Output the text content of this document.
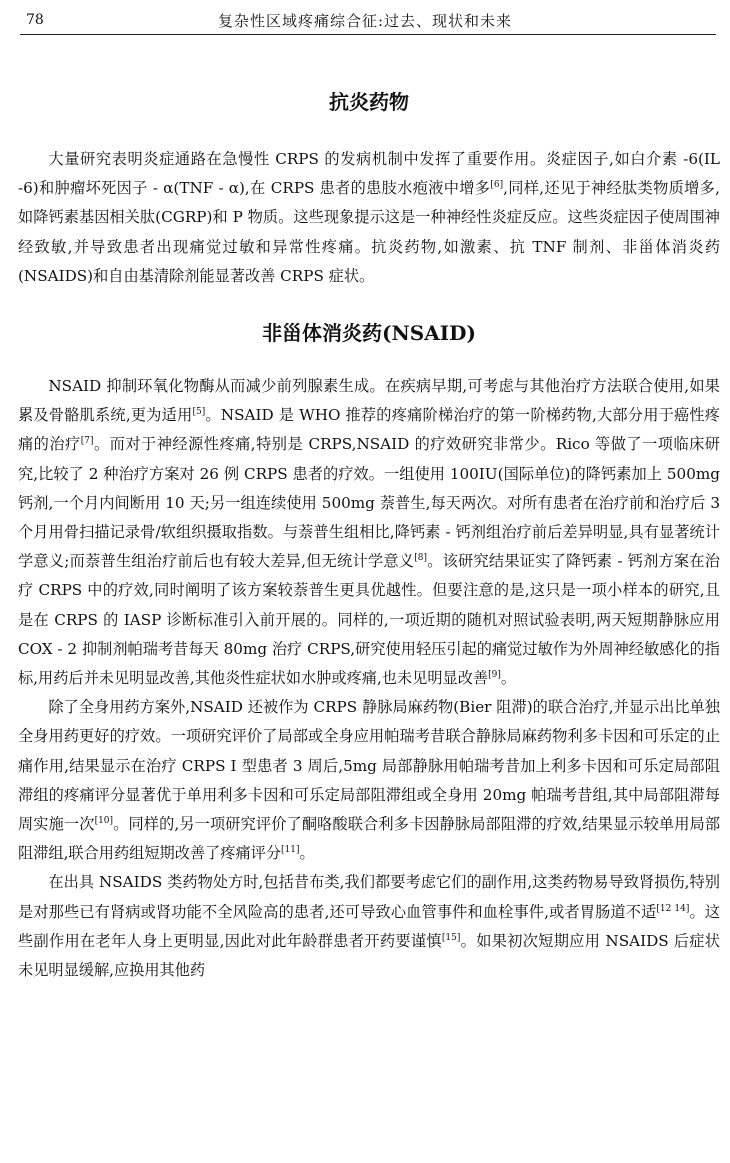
78	复杂性区域疼痛综合征:过去、现状和未来
抗炎药物

大量研究表明炎症通路在急慢性 CRPS 的发病机制中发挥了重要作用。炎症因子,如白介素 -6(IL -6)和肿瘤坏死因子 - α(TNF - α),在 CRPS 患者的患肢水疱液中增多[6],同样,还见于神经肽类物质增多,如降钙素基因相关肽(CGRP)和 P 物质。这些现象提示这是一种神经性炎症反应。这些炎症因子使周围神经致敏,并导致患者出现痛觉过敏和异常性疼痛。抗炎药物,如激素、抗 TNF 制剂、非甾体消炎药(NSAIDS)和自由基清除剂能显著改善 CRPS 症状。

非甾体消炎药(NSAID)

NSAID 抑制环氧化物酶从而减少前列腺素生成。在疾病早期,可考虑与其他治疗方法联合使用,如果累及骨骼肌系统,更为适用[5]。NSAID 是 WHO 推荐的疼痛阶梯治疗的第一阶梯药物,大部分用于癌性疼痛的治疗[7]。而对于神经源性疼痛,特别是 CRPS,NSAID 的疗效研究非常少。Rico 等做了一项临床研究,比较了 2 种治疗方案对 26 例 CRPS 患者的疗效。一组使用 100IU(国际单位)的降钙素加上 500mg 钙剂,一个月内间断用 10 天;另一组连续使用 500mg 萘普生,每天两次。对所有患者在治疗前和治疗后 3 个月用骨扫描记录骨/软组织摄取指数。与萘普生组相比,降钙素 - 钙剂组治疗前后差异明显,具有显著统计学意义;而萘普生组治疗前后也有较大差异,但无统计学意义[8]。该研究结果证实了降钙素 - 钙剂方案在治疗 CRPS 中的疗效,同时阐明了该方案较萘普生更具优越性。但要注意的是,这只是一项小样本的研究,且是在 CRPS 的 IASP 诊断标准引入前开展的。同样的,一项近期的随机对照试验表明,两天短期静脉应用 COX - 2 抑制剂帕瑞考昔每天 80mg 治疗 CRPS,研究使用轻压引起的痛觉过敏作为外周神经敏感化的指标,用药后并未见明显改善,其他炎性症状如水肿或疼痛,也未见明显改善[9]。

除了全身用药方案外,NSAID 还被作为 CRPS 静脉局麻药物(Bier 阻滞)的联合治疗,并显示出比单独全身用药更好的疗效。一项研究评价了局部或全身应用帕瑞考昔联合静脉局麻药物利多卡因和可乐定的止痛作用,结果显示在治疗 CRPS Ⅰ 型患者 3 周后,5mg 局部静脉用帕瑞考昔加上利多卡因和可乐定局部阻滞组的疼痛评分显著优于单用利多卡因和可乐定局部阻滞组或全身用 20mg 帕瑞考昔组,其中局部阻滞每周实施一次[10]。同样的,另一项研究评价了酮咯酸联合利多卡因静脉局部阻滞的疗效,结果显示较单用局部阻滞组,联合用药组短期改善了疼痛评分[11]。

在出具 NSAIDS 类药物处方时,包括昔布类,我们都要考虑它们的副作用,这类药物易导致肾损伤,特别是对那些已有肾病或肾功能不全风险高的患者,还可导致心血管事件和血栓事件,或者胃肠道不适[12 14]。这些副作用在老年人身上更明显,因此对此年龄群患者开药要谨慎[15]。如果初次短期应用 NSAIDS 后症状未见明显缓解,应换用其他药
